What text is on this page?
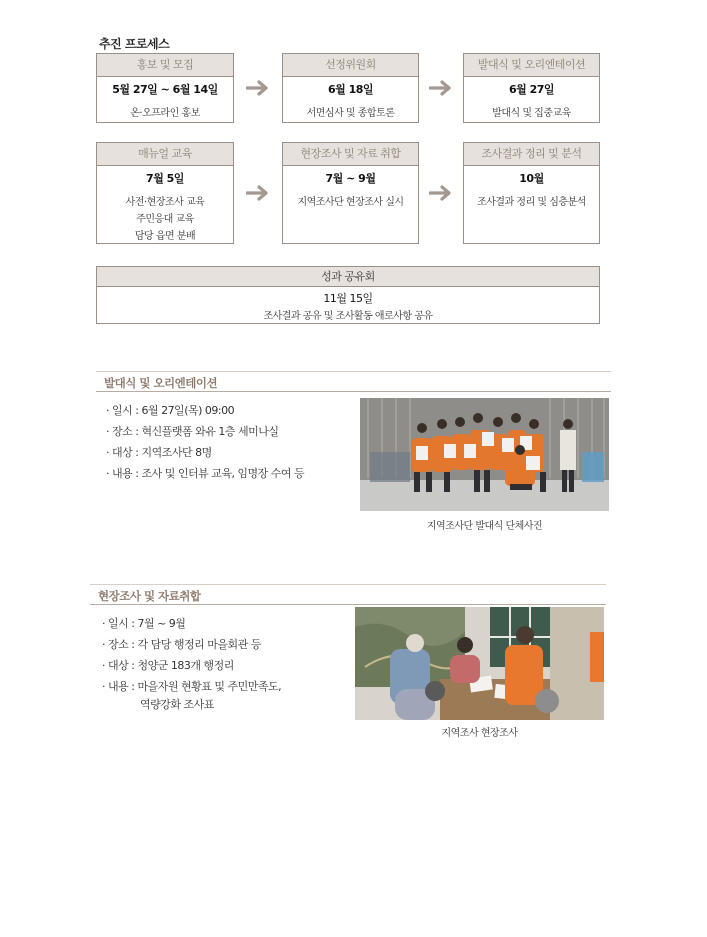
추진 프로세스
홍보 및 모집
5월 27일 ~ 6월 14일
온·오프라인 홍보
선정위원회
6월 18일
서면심사 및 종합토론
발대식 및 오리엔테이션
6월 27일
발대식 및 집중교육
매뉴얼 교육
7월 5일
사전·현장조사 교육
주민응대 교육
담당 읍면 분배
현장조사 및 자료 취합
7월 ~ 9월
지역조사단 현장조사 실시
조사결과 정리 및 분석
10월
조사결과 정리 및 심층분석
성과 공유회
11월 15일
조사결과 공유 및 조사활동 애로사항 공유
발대식 및 오리엔테이션
· 일시 : 6월 27일(목) 09:00
· 장소 : 혁신플랫폼 와유 1층 세미나실
· 대상 : 지역조사단 8명
· 내용 : 조사 및 인터뷰 교육, 임명장 수여 등
지역조사단 발대식 단체사진
현장조사 및 자료취합
· 일시 : 7월 ~ 9월
· 장소 : 각 담당 행정리 마을회관 등
· 대상 : 청양군 183개 행정리
· 내용 : 마을자원 현황표 및 주민만족도,
역량강화 조사표
지역조사 현장조사
